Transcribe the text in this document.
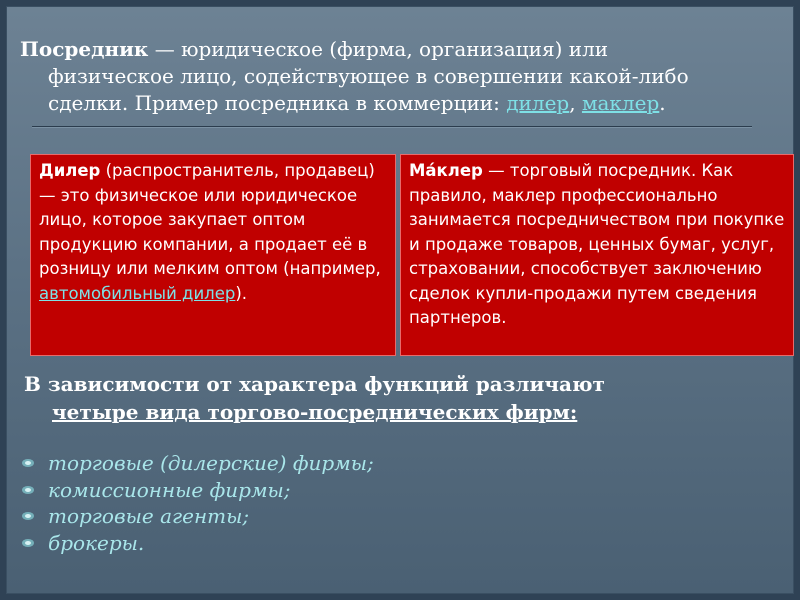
Посредник — юридическое (фирма, организация) или физическое лицо, содействующее в совершении какой-либо сделки. Пример посредника в коммерции: дилер, маклер.
Дилер (распространитель, продавец) — это физическое или юридическое лицо, которое закупает оптом продукцию компании, а продает её в розницу или мелким оптом (например, автомобильный дилер).
Ма́клер — торговый посредник. Как правило, маклер профессионально занимается посредничеством при покупке и продаже товаров, ценных бумаг, услуг, страховании, способствует заключению сделок купли-продажи путем сведения партнеров.
В зависимости от характера функций различают
четыре вида торгово-посреднических фирм:
торговые (дилерские) фирмы;
комиссионные фирмы;
торговые агенты;
брокеры.
